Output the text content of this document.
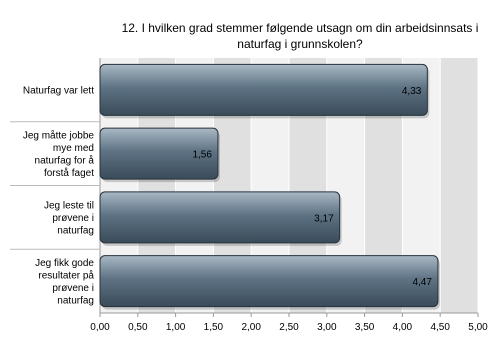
12. I hvilken grad stemmer følgende utsagn om din arbeidsinnsats i naturfag i grunnskolen?
4,33
1,56
3,17
4,47
Naturfag var lett
Jeg måtte jobbe mye med naturfag for å forstå faget
Jeg leste til prøvene i naturfag
Jeg fikk gode resultater på prøvene i naturfag
0,00 0,50 1,00 1,50 2,00 2,50 3,00 3,50 4,00 4,50 5,00
